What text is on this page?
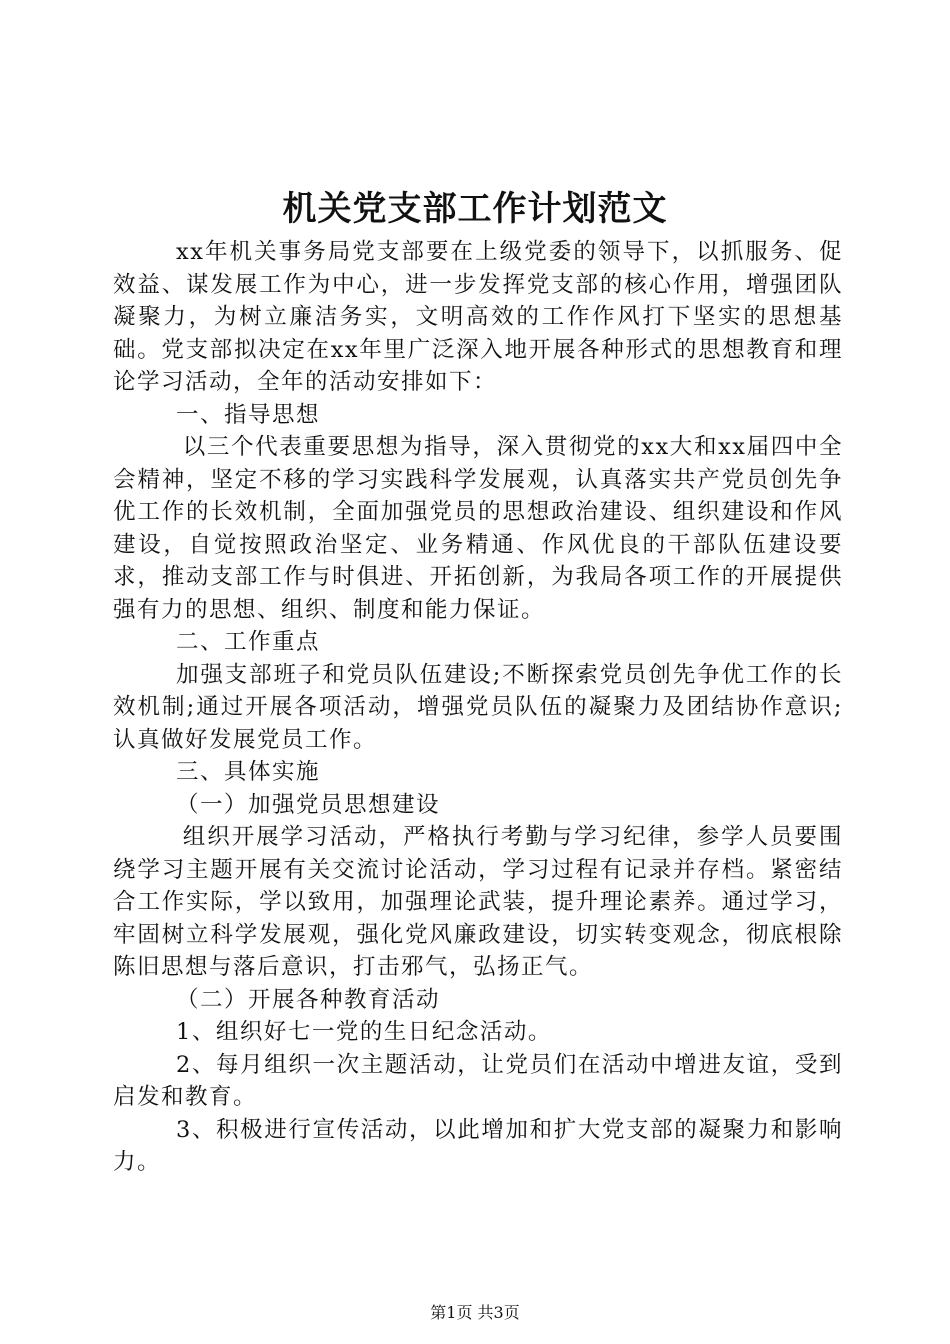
机关党支部工作计划范文

xx年机关事务局党支部要在上级党委的领导下，以抓服务、促效益、谋发展工作为中心，进一步发挥党支部的核心作用，增强团队凝聚力，为树立廉洁务实，文明高效的工作作风打下坚实的思想基础。党支部拟决定在xx年里广泛深入地开展各种形式的思想教育和理论学习活动，全年的活动安排如下：

一、指导思想

以三个代表重要思想为指导，深入贯彻党的xx大和xx届四中全会精神，坚定不移的学习实践科学发展观，认真落实共产党员创先争优工作的长效机制，全面加强党员的思想政治建设、组织建设和作风建设，自觉按照政治坚定、业务精通、作风优良的干部队伍建设要求，推动支部工作与时俱进、开拓创新，为我局各项工作的开展提供强有力的思想、组织、制度和能力保证。

二、工作重点

加强支部班子和党员队伍建设;不断探索党员创先争优工作的长效机制;通过开展各项活动，增强党员队伍的凝聚力及团结协作意识;认真做好发展党员工作。

三、具体实施

（一）加强党员思想建设

组织开展学习活动，严格执行考勤与学习纪律，参学人员要围绕学习主题开展有关交流讨论活动，学习过程有记录并存档。紧密结合工作实际，学以致用，加强理论武装，提升理论素养。通过学习，牢固树立科学发展观，强化党风廉政建设，切实转变观念，彻底根除陈旧思想与落后意识，打击邪气，弘扬正气。

（二）开展各种教育活动

1、组织好七一党的生日纪念活动。

2、每月组织一次主题活动，让党员们在活动中增进友谊，受到启发和教育。

3、积极进行宣传活动，以此增加和扩大党支部的凝聚力和影响力。

第1页 共3页
